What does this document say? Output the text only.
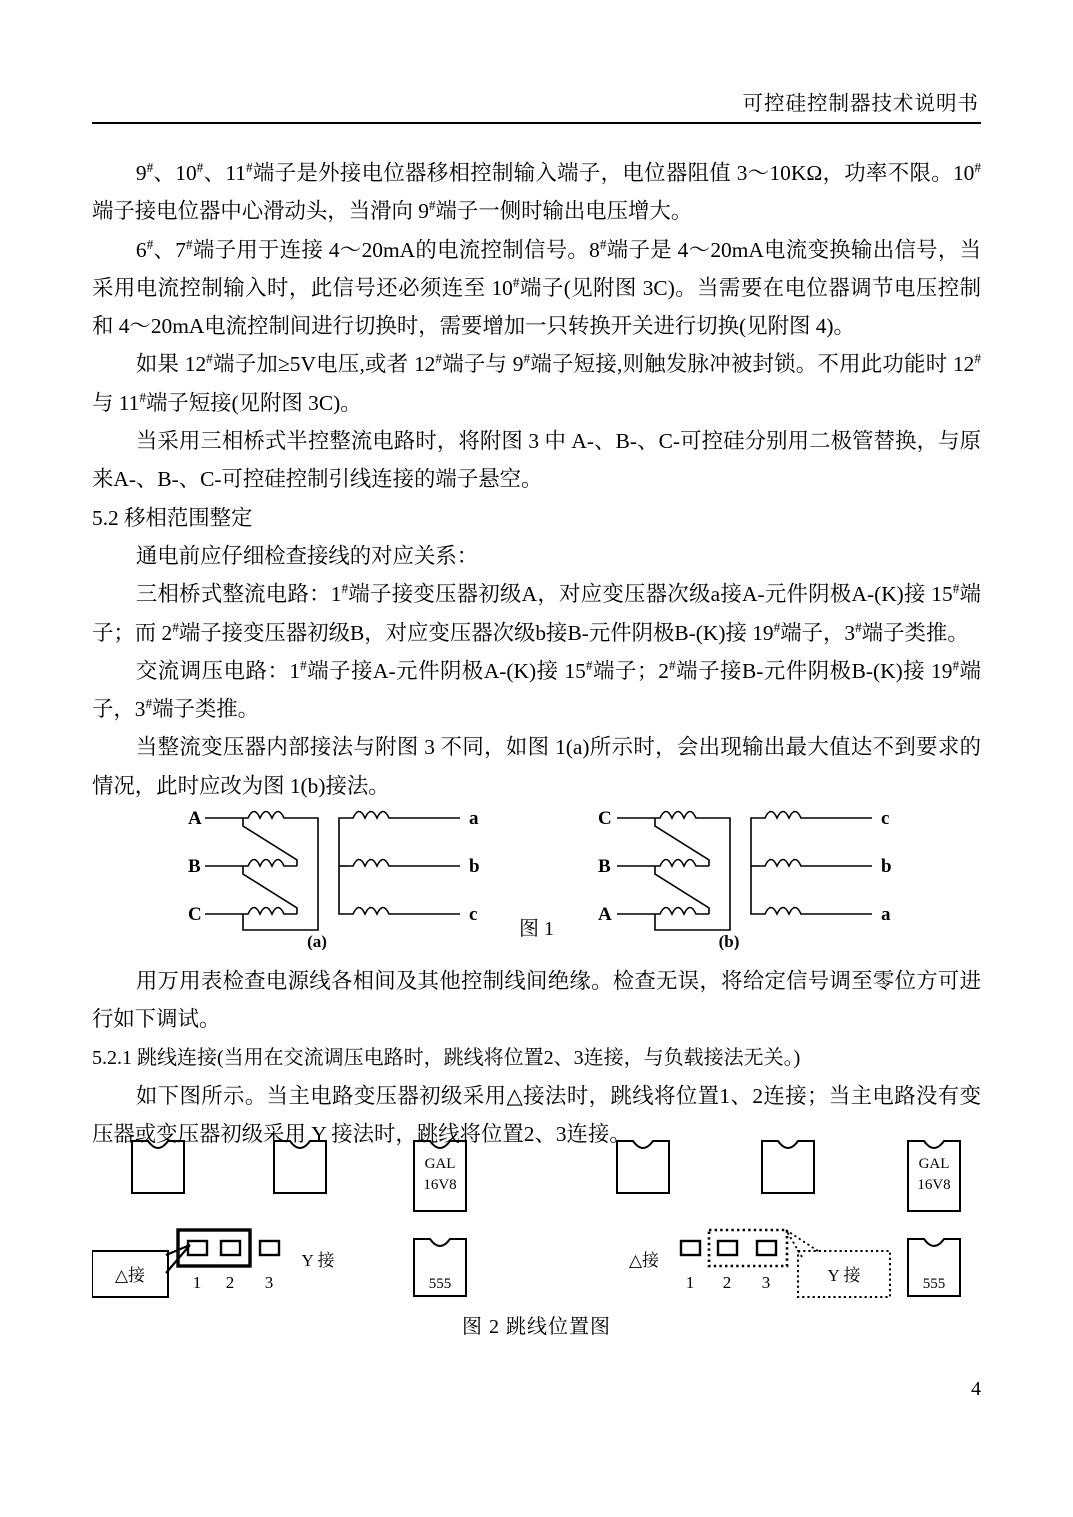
可控硅控制器技术说明书

9#、10#、11#端子是外接电位器移相控制输入端子，电位器阻值 3～10KΩ，功率不限。10#端子接电位器中心滑动头，当滑向 9#端子一侧时输出电压增大。

6#、7#端子用于连接 4～20mA的电流控制信号。8#端子是 4～20mA电流变换输出信号，当采用电流控制输入时，此信号还必须连至 10#端子(见附图 3C)。当需要在电位器调节电压控制和 4～20mA电流控制间进行切换时，需要增加一只转换开关进行切换(见附图 4)。

如果 12#端子加≥5V电压,或者 12#端子与 9#端子短接,则触发脉冲被封锁。不用此功能时 12#与 11#端子短接(见附图 3C)。

当采用三相桥式半控整流电路时，将附图 3 中 A-、B-、C-可控硅分别用二极管替换，与原来A-、B-、C-可控硅控制引线连接的端子悬空。

5.2 移相范围整定

通电前应仔细检查接线的对应关系：

三相桥式整流电路：1#端子接变压器初级A，对应变压器次级a接A-元件阴极A-(K)接 15#端子；而 2#端子接变压器初级B，对应变压器次级b接B-元件阴极B-(K)接 19#端子，3#端子类推。

交流调压电路：1#端子接A-元件阴极A-(K)接 15#端子；2#端子接B-元件阴极B-(K)接 19#端子，3#端子类推。

当整流变压器内部接法与附图 3 不同，如图 1(a)所示时，会出现输出最大值达不到要求的情况，此时应改为图 1(b)接法。

A
B
C
a
b
c
(a)
C
B
A
c
b
a
(b)
图 1

用万用表检查电源线各相间及其他控制线间绝缘。检查无误，将给定信号调至零位方可进行如下调试。

5.2.1 跳线连接(当用在交流调压电路时，跳线将位置2、3连接，与负载接法无关。)

如下图所示。当主电路变压器初级采用△接法时，跳线将位置1、2连接；当主电路没有变压器或变压器初级采用 Y 接法时，跳线将位置2、3连接。

GAL
16V8
555
1 2 3
△接
Y 接
GAL
16V8
555
1 2 3
△接
Y 接
图 2 跳线位置图
4
